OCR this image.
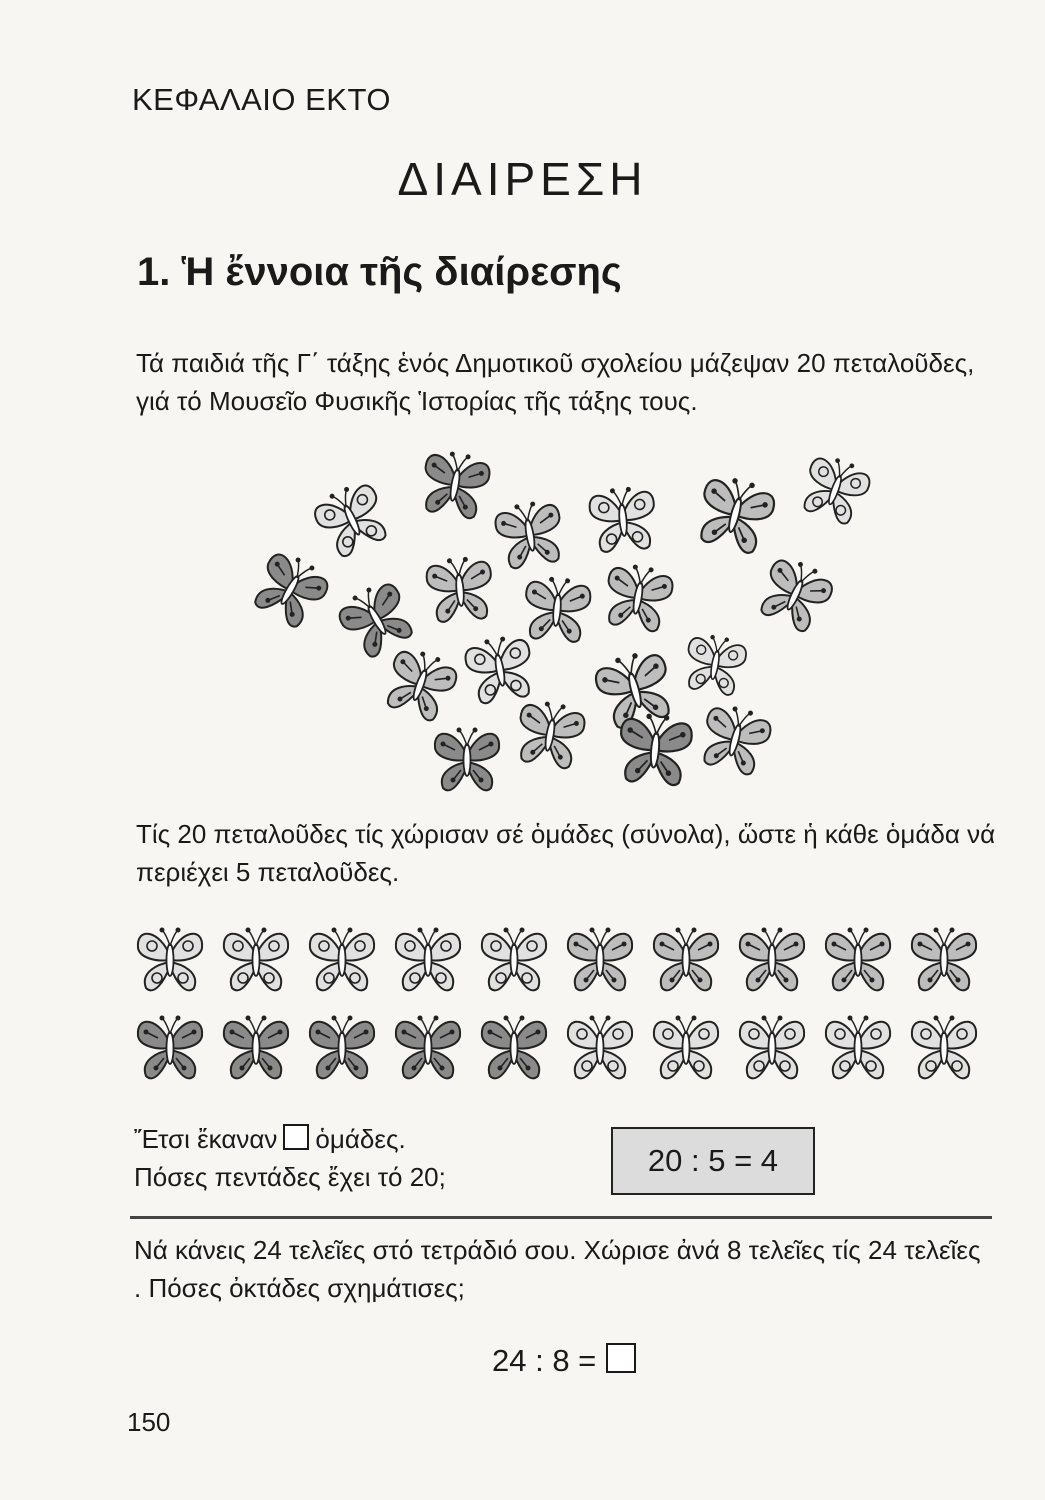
ΚΕΦΑΛΑΙΟ ΕΚΤΟ
ΔΙΑΙΡΕΣΗ
1. Ἡ ἔννοια τῆς διαίρεσης
Τά παιδιά τῆς Γ΄ τάξης ἑνός Δημοτικοῦ σχολείου μάζεψαν 20 πεταλοῦδες, γιά τό Μουσεῖο Φυσικῆς Ἱστορίας τῆς τάξης τους.
Τίς 20 πεταλοῦδες τίς χώρισαν σέ ὁμάδες (σύνολα), ὥστε ἡ κάθε ὁμάδα νά περιέχει 5 πεταλοῦδες.
Ἔτσι ἔκαναν ὁμάδες.
Πόσες πεντάδες ἔχει τό 20;	20 : 5 = 4
Νά κάνεις 24 τελεῖες στό τετράδιό σου. Χώρισε ἀνά 8 τελεῖες τίς 24 τελεῖες . Πόσες ὀκτάδες σχημάτισες;
24 : 8 =
150
